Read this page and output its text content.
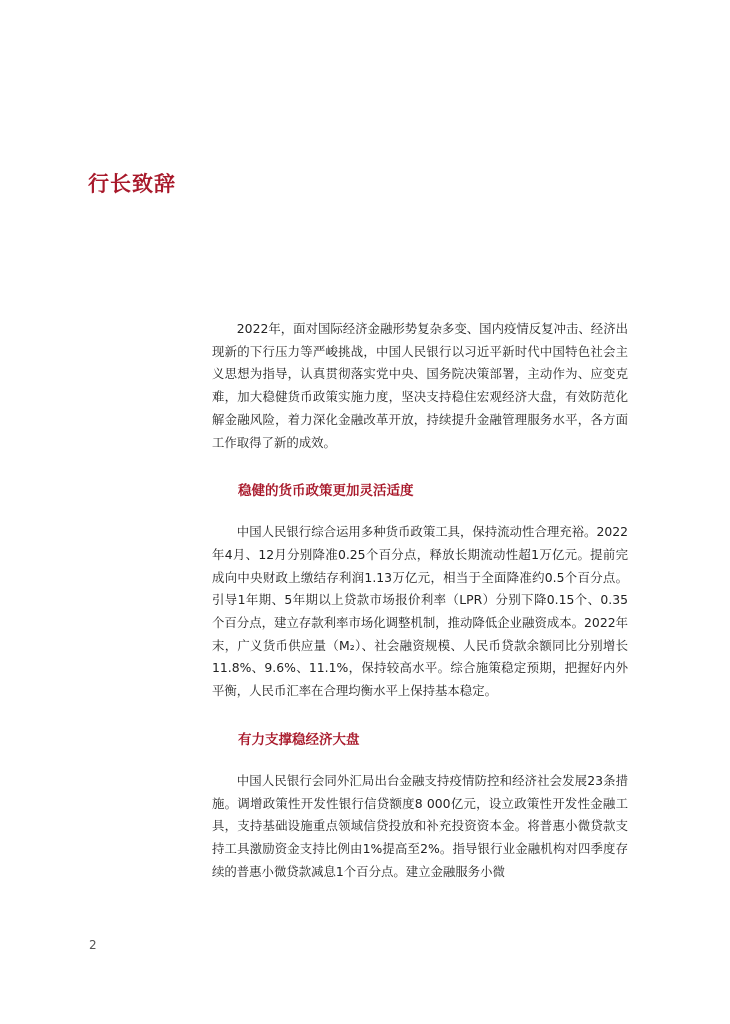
行长致辞

2022年，面对国际经济金融形势复杂多变、国内疫情反复冲击、经济出现新的下行压力等严峻挑战，中国人民银行以习近平新时代中国特色社会主义思想为指导，认真贯彻落实党中央、国务院决策部署，主动作为、应变克难，加大稳健货币政策实施力度，坚决支持稳住宏观经济大盘，有效防范化解金融风险，着力深化金融改革开放，持续提升金融管理服务水平，各方面工作取得了新的成效。

稳健的货币政策更加灵活适度

中国人民银行综合运用多种货币政策工具，保持流动性合理充裕。2022年4月、12月分别降准0.25个百分点，释放长期流动性超1万亿元。提前完成向中央财政上缴结存利润1.13万亿元，相当于全面降准约0.5个百分点。引导1年期、5年期以上贷款市场报价利率（LPR）分别下降0.15个、0.35个百分点，建立存款利率市场化调整机制，推动降低企业融资成本。2022年末，广义货币供应量（M₂）、社会融资规模、人民币贷款余额同比分别增长11.8%、9.6%、11.1%，保持较高水平。综合施策稳定预期，把握好内外平衡，人民币汇率在合理均衡水平上保持基本稳定。

有力支撑稳经济大盘

中国人民银行会同外汇局出台金融支持疫情防控和经济社会发展23条措施。调增政策性开发性银行信贷额度8 000亿元，设立政策性开发性金融工具，支持基础设施重点领域信贷投放和补充投资资本金。将普惠小微贷款支持工具激励资金支持比例由1%提高至2%。指导银行业金融机构对四季度存续的普惠小微贷款减息1个百分点。建立金融服务小微

2
